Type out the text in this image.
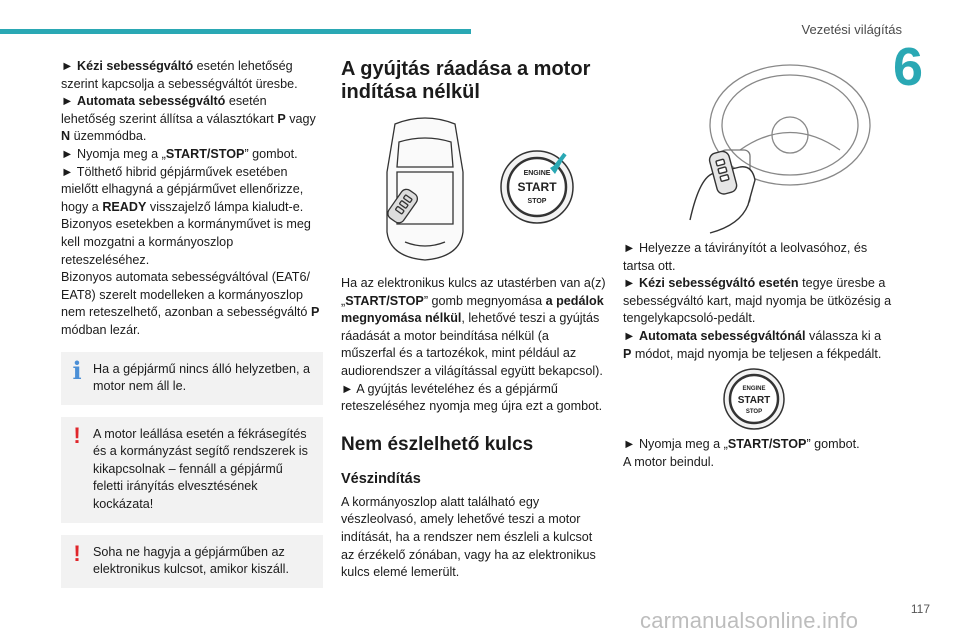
Vezetési világítás
6
117
carmanualsonline.info

► Kézi sebességváltó esetén lehetőség szerint kapcsolja a sebességváltót üresbe.

► Automata sebességváltó esetén lehetőség szerint állítsa a választókart P vagy N üzemmódba.

► Nyomja meg a „START/STOP” gombot.

► Tölthető hibrid gépjárművek esetében mielőtt elhagyná a gépjárművet ellenőrizze, hogy a READY visszajelző lámpa kialudt-e.

Bizonyos esetekben a kormányművet is meg kell mozgatni a kormányoszlop reteszeléséhez.

Bizonyos automata sebességváltóval (EAT6/ EAT8) szerelt modelleken a kormányoszlop nem reteszelhető, azonban a sebességváltó P módban lezár.

i Ha a gépjármű nincs álló helyzetben, a motor nem áll le.
! A motor leállása esetén a fékrásegítés és a kormányzást segítő rendszerek is kikapcsolnak – fennáll a gépjármű feletti irányítás elvesztésének kockázata!
! Soha ne hagyja a gépjárműben az elektronikus kulcsot, amikor kiszáll.
A gyújtás ráadása a motor indítása nélkül
ENGINE
START
STOP

Ha az elektronikus kulcs az utastérben van a(z) „START/STOP” gomb megnyomása a pedálok megnyomása nélkül, lehetővé teszi a gyújtás ráadását a motor beindítása nélkül (a műszerfal és a tartozékok, mint például az audiorendszer a világítással együtt bekapcsol).

► A gyújtás levételéhez és a gépjármű reteszeléséhez nyomja meg újra ezt a gombot.

Nem észlelhető kulcs
Vészindítás

A kormányoszlop alatt található egy vészleolvasó, amely lehetővé teszi a motor indítását, ha a rendszer nem észleli a kulcsot az érzékelő zónában, vagy ha az elektronikus kulcs elemé lemerült.

► Helyezze a távirányítót a leolvasóhoz, és tartsa ott.

► Kézi sebességváltó esetén tegye üresbe a sebességváltó kart, majd nyomja be ütközésig a tengelykapcsoló-pedált.

► Automata sebességváltónál válassza ki a P módot, majd nyomja be teljesen a fékpedált.

ENGINE
START
STOP

► Nyomja meg a „START/STOP” gombot.

A motor beindul.
